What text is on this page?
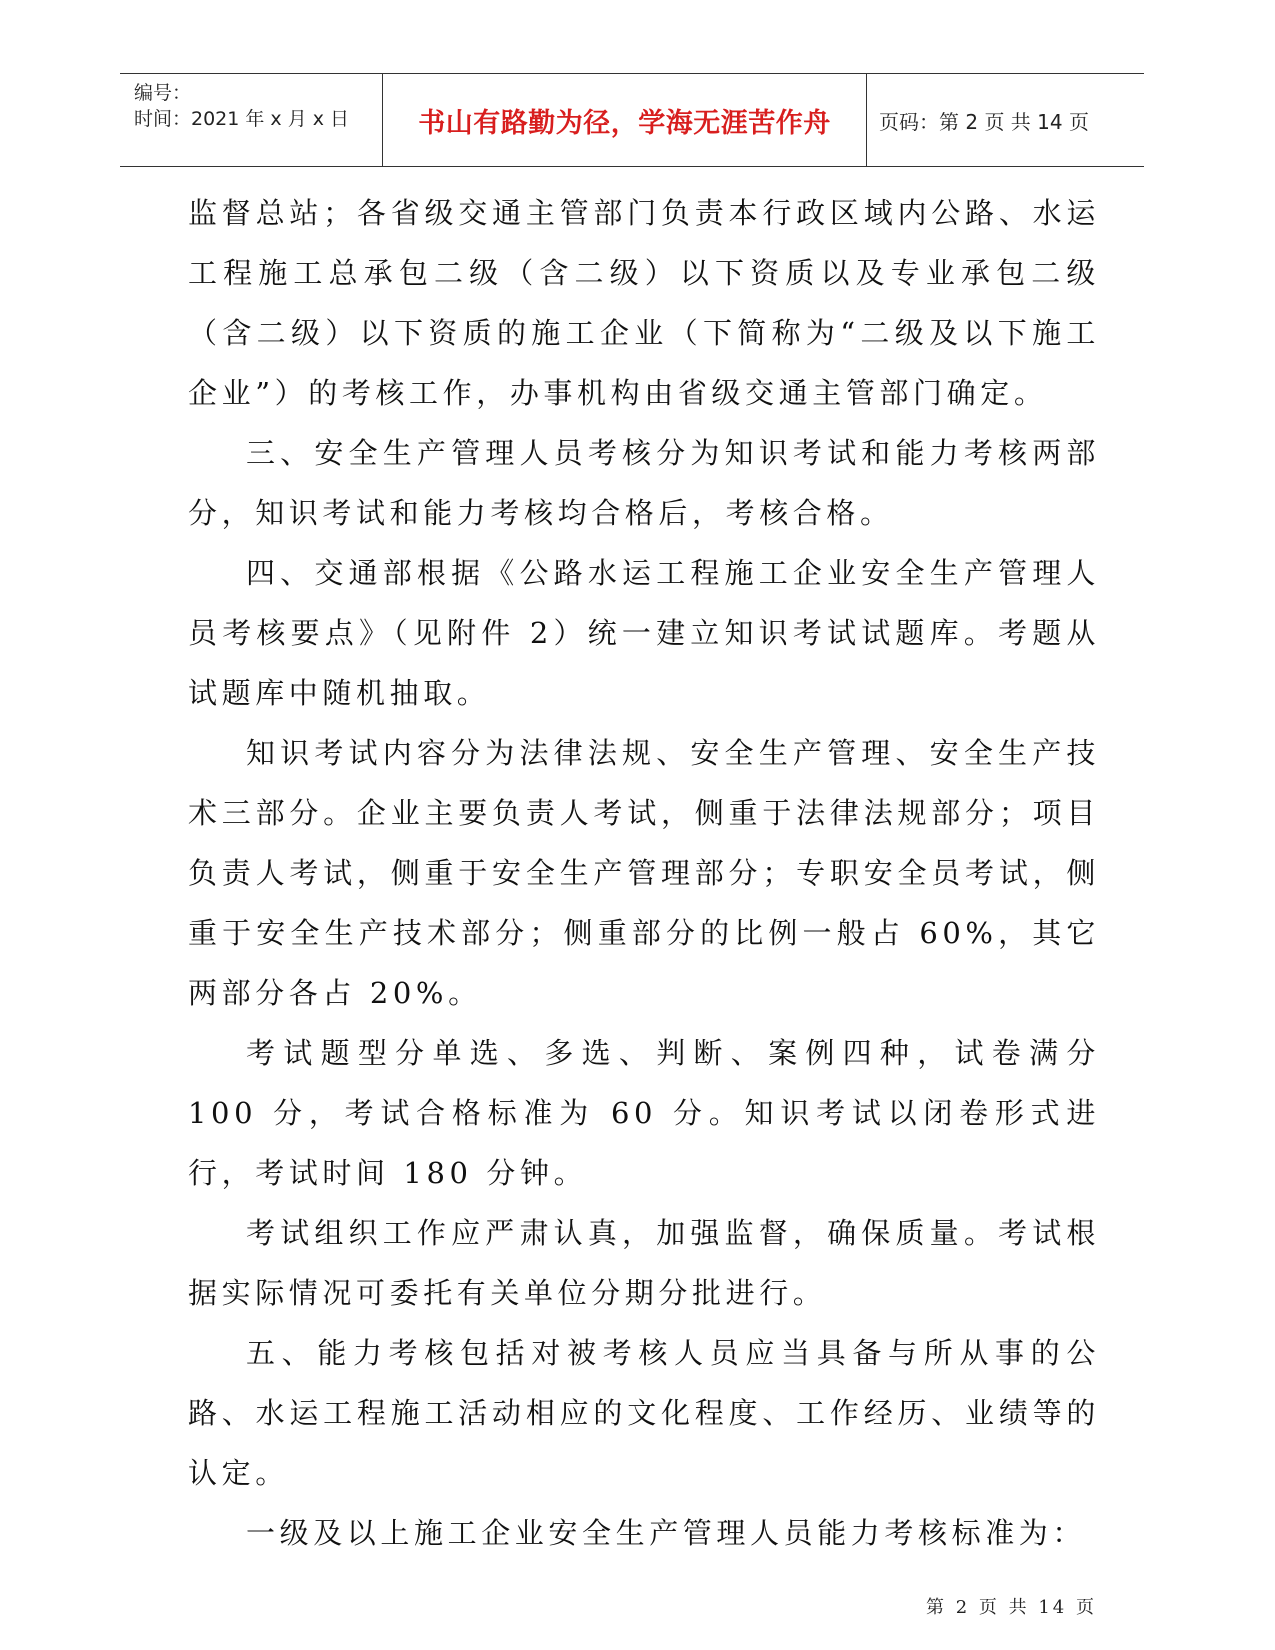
编号：
时间：2021 年 x 月 x 日	书山有路勤为径，学海无涯苦作舟 页码：第 2 页 共 14 页

监督总站；各省级交通主管部门负责本行政区域内公路、水运工程施工总承包二级（含二级）以下资质以及专业承包二级（含二级）以下资质的施工企业（下简称为“二级及以下施工企业”）的考核工作，办事机构由省级交通主管部门确定。

三、安全生产管理人员考核分为知识考试和能力考核两部分，知识考试和能力考核均合格后，考核合格。

四、交通部根据《公路水运工程施工企业安全生产管理人员考核要点》（见附件 2）统一建立知识考试试题库。考题从试题库中随机抽取。

知识考试内容分为法律法规、安全生产管理、安全生产技术三部分。企业主要负责人考试，侧重于法律法规部分；项目负责人考试，侧重于安全生产管理部分；专职安全员考试，侧重于安全生产技术部分；侧重部分的比例一般占 60%，其它两部分各占 20%。

考试题型分单选、多选、判断、案例四种，试卷满分 100 分，考试合格标准为 60 分。知识考试以闭卷形式进行，考试时间 180 分钟。

考试组织工作应严肃认真，加强监督，确保质量。考试根据实际情况可委托有关单位分期分批进行。

五、能力考核包括对被考核人员应当具备与所从事的公路、水运工程施工活动相应的文化程度、工作经历、业绩等的认定。

一级及以上施工企业安全生产管理人员能力考核标准为：

第 2 页 共 14 页
